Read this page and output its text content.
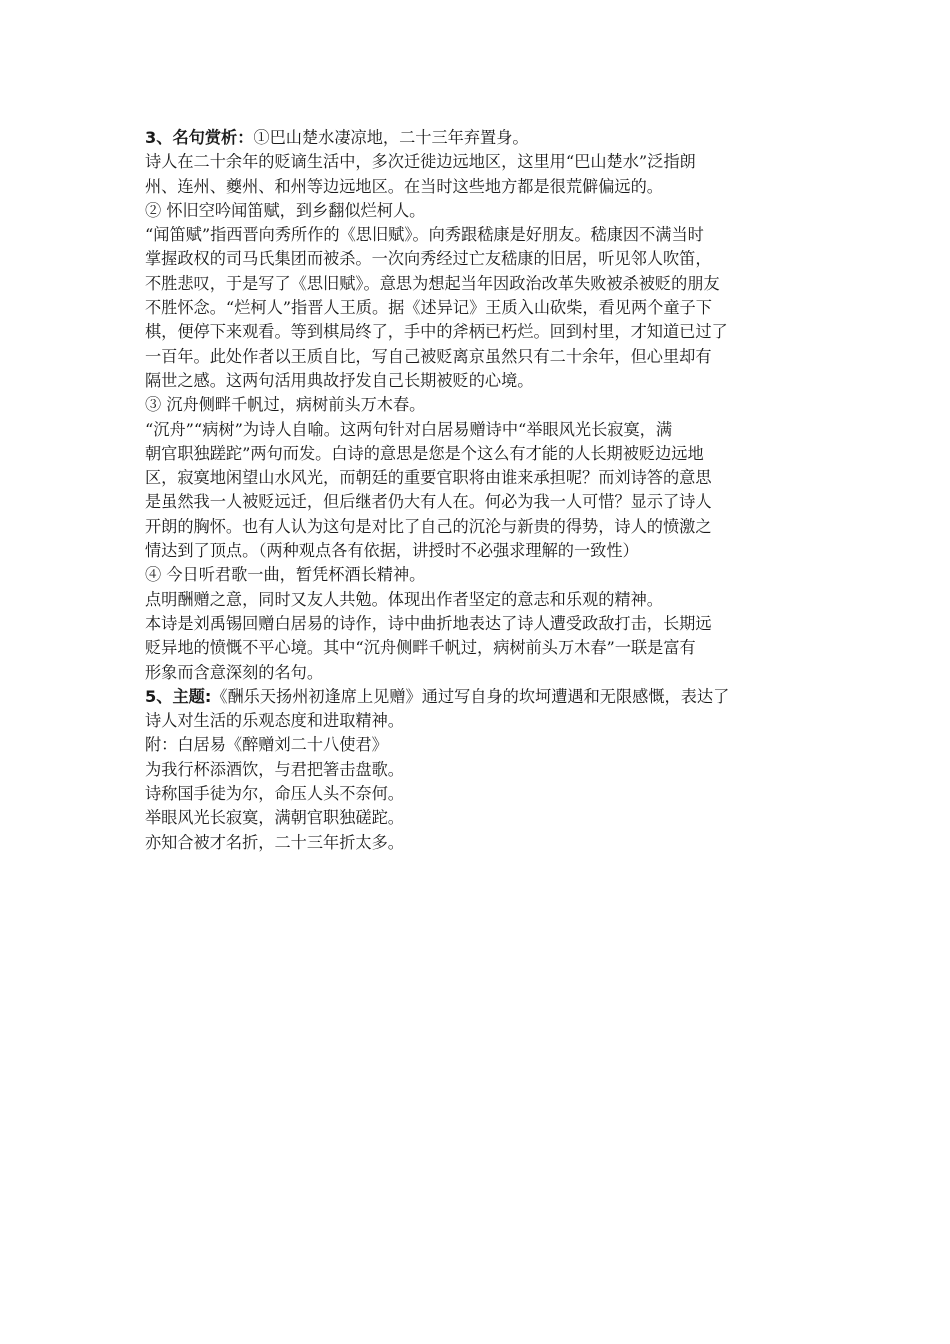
3、名句赏析：①巴山楚水凄凉地，二十三年弃置身。
诗人在二十余年的贬谪生活中，多次迁徙边远地区，这里用“巴山楚水”泛指朗
州、连州、夔州、和州等边远地区。在当时这些地方都是很荒僻偏远的。
② 怀旧空吟闻笛赋，到乡翻似烂柯人。
“闻笛赋”指西晋向秀所作的《思旧赋》。向秀跟嵇康是好朋友。嵇康因不满当时
掌握政权的司马氏集团而被杀。一次向秀经过亡友嵇康的旧居，听见邻人吹笛，
不胜悲叹，于是写了《思旧赋》。意思为想起当年因政治改革失败被杀被贬的朋友
不胜怀念。“烂柯人”指晋人王质。据《述异记》王质入山砍柴，看见两个童子下
棋，便停下来观看。等到棋局终了，手中的斧柄已朽烂。回到村里，才知道已过了
一百年。此处作者以王质自比，写自己被贬离京虽然只有二十余年，但心里却有
隔世之感。这两句活用典故抒发自己长期被贬的心境。
③ 沉舟侧畔千帆过，病树前头万木春。
“沉舟”“病树”为诗人自喻。这两句针对白居易赠诗中“举眼风光长寂寞，满
朝官职独蹉跎”两句而发。白诗的意思是您是个这么有才能的人长期被贬边远地
区，寂寞地闲望山水风光，而朝廷的重要官职将由谁来承担呢？而刘诗答的意思
是虽然我一人被贬远迁，但后继者仍大有人在。何必为我一人可惜？显示了诗人
开朗的胸怀。也有人认为这句是对比了自己的沉沦与新贵的得势，诗人的愤激之
情达到了顶点。（两种观点各有依据，讲授时不必强求理解的一致性）
④ 今日听君歌一曲，暂凭杯酒长精神。
点明酬赠之意，同时又友人共勉。体现出作者坚定的意志和乐观的精神。
本诗是刘禹锡回赠白居易的诗作，诗中曲折地表达了诗人遭受政敌打击，长期远
贬异地的愤慨不平心境。其中“沉舟侧畔千帆过，病树前头万木春”一联是富有
形象而含意深刻的名句。
5、主题:《酬乐天扬州初逢席上见赠》通过写自身的坎坷遭遇和无限感慨，表达了
诗人对生活的乐观态度和进取精神。
附：白居易《醉赠刘二十八使君》
为我行杯添酒饮，与君把箸击盘歌。
诗称国手徒为尔，命压人头不奈何。
举眼风光长寂寞，满朝官职独磋跎。
亦知合被才名折，二十三年折太多。
